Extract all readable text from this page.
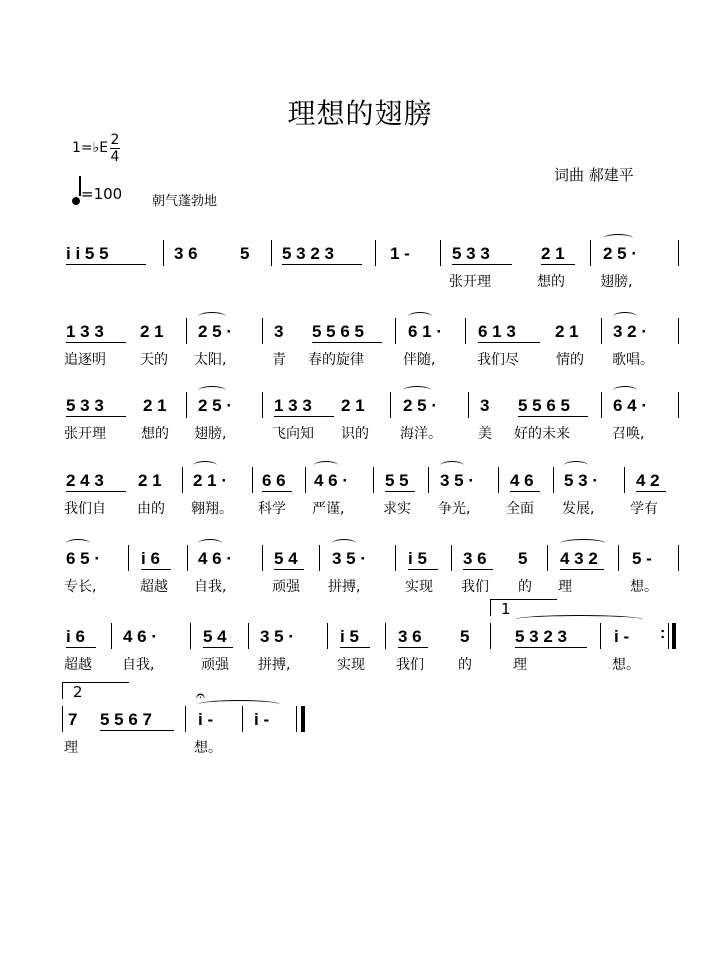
理想的翅膀
1=♭E 2
4
=100 朝气蓬勃地
词曲 郝建平
i i 5 5	3 6 5 5 3 2 3	1 - 5 3 3	2 1 2 5 ·
张开理	想的	翅膀,
1 3 3 2 1 2 5 · 3 5 5 6 5	6 1 · 6 1 3 2 1 3 2 ·
追逐明 天的 太阳,	青 春的旋律	伴随,	我们尽	情的 歌唱。
5 3 3 2 1 2 5 · 1 3 3 2 1 2 5 ·	3 5 5 6 5	6 4 ·
张开理	想的 翅膀,	飞向知 识的 海洋。	美 好的未来	召唤,
2 4 3 2 1 2 1 · 6 6 4 6 · 5 5 3 5 · 4 6 5 3 · 4 2
我们自 由的 翱翔。 科学 严谨,	求实 争光,	全面 发展,	学有
6 5 · i 6 4 6 · 5 4 3 5 · i 5 3 6 5 4 3 2 5 -
专长,	超越 自我,	顽强 拼搏,	实现 我们 的 理	想。
1
i 6 4 6 ·	5 4 3 5 ·	i 5 3 6 5	5 3 2 3	i - :
超越 自我,	顽强 拼搏,	实现 我们 的	理	想。
2	𝄐
7 5 5 6 7	i - i -
理	想。
